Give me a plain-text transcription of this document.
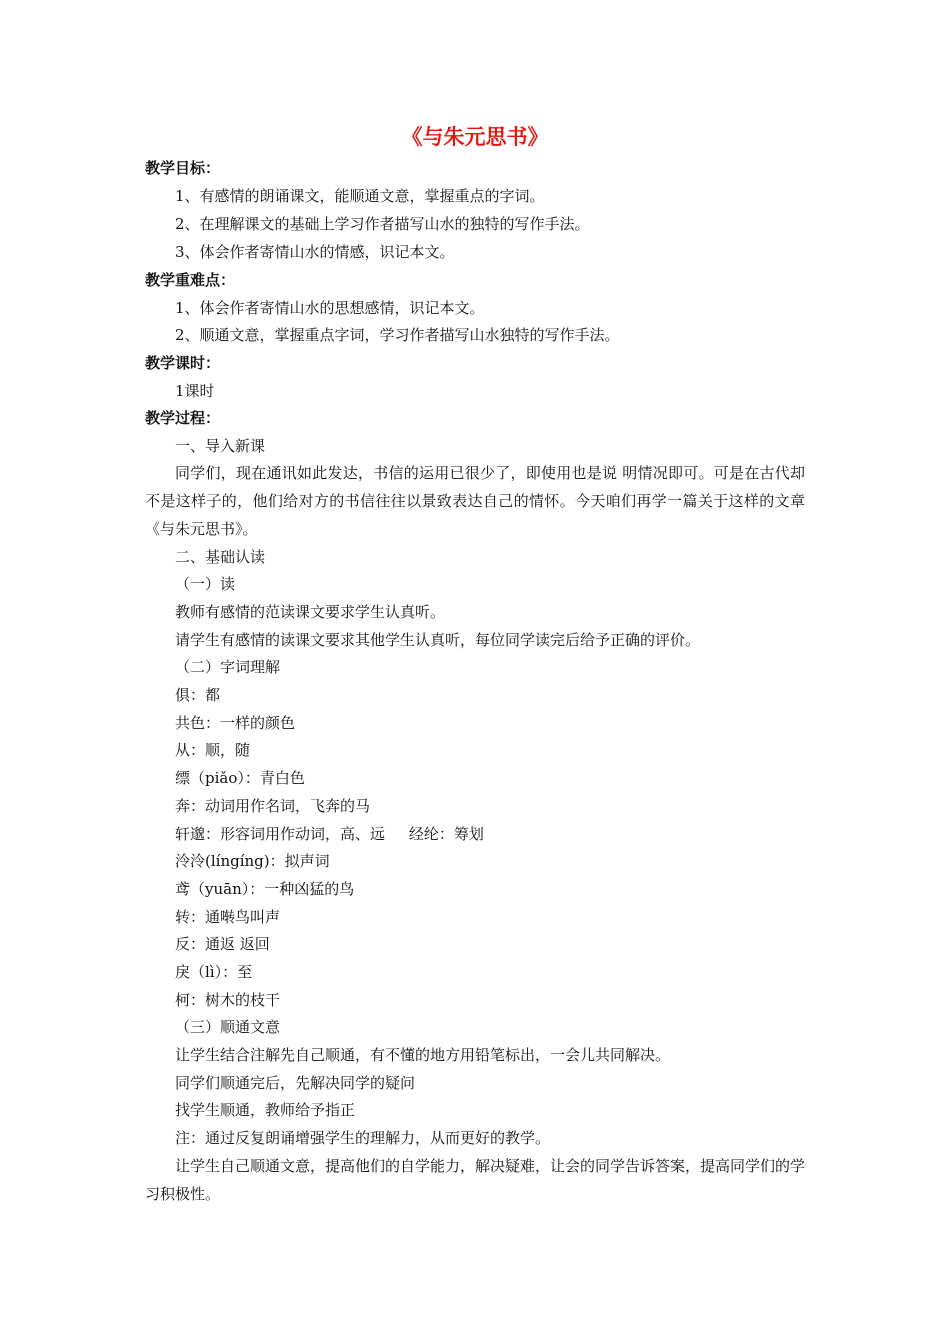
《与朱元思书》
教学目标：
1、有感情的朗诵课文，能顺通文意，掌握重点的字词。
2、在理解课文的基础上学习作者描写山水的独特的写作手法。
3、体会作者寄情山水的情感，识记本文。
教学重难点：
1、体会作者寄情山水的思想感情，识记本文。
2、顺通文意，掌握重点字词，学习作者描写山水独特的写作手法。
教学课时：
1课时
教学过程：
一、导入新课
同学们，现在通讯如此发达，书信的运用已很少了，即使用也是说 明情况即可。可是在古代却不是这样子的，他们给对方的书信往往以景致表达自己的情怀。今天咱们再学一篇关于这样的文章《与朱元思书》。
二、基础认读
（一）读
教师有感情的范读课文要求学生认真听。
请学生有感情的读课文要求其他学生认真听，每位同学读完后给予正确的评价。
（二）字词理解
俱：都
共色：一样的颜色
从：顺，随
缥（piǎo）：青白色
奔：动词用作名词，飞奔的马
轩邈：形容词用作动词，高、远     经纶：筹划
泠泠(língíng)：拟声词
鸢（yuān）：一种凶猛的鸟
转：通啭鸟叫声
反：通返 返回
戾（lì）：至
柯：树木的枝干
（三）顺通文意
让学生结合注解先自己顺通，有不懂的地方用铅笔标出，一会儿共同解决。
同学们顺通完后，先解决同学的疑问
找学生顺通，教师给予指正
注：通过反复朗诵增强学生的理解力，从而更好的教学。
让学生自己顺通文意，提高他们的自学能力，解决疑难，让会的同学告诉答案，提高同学们的学习积极性。
